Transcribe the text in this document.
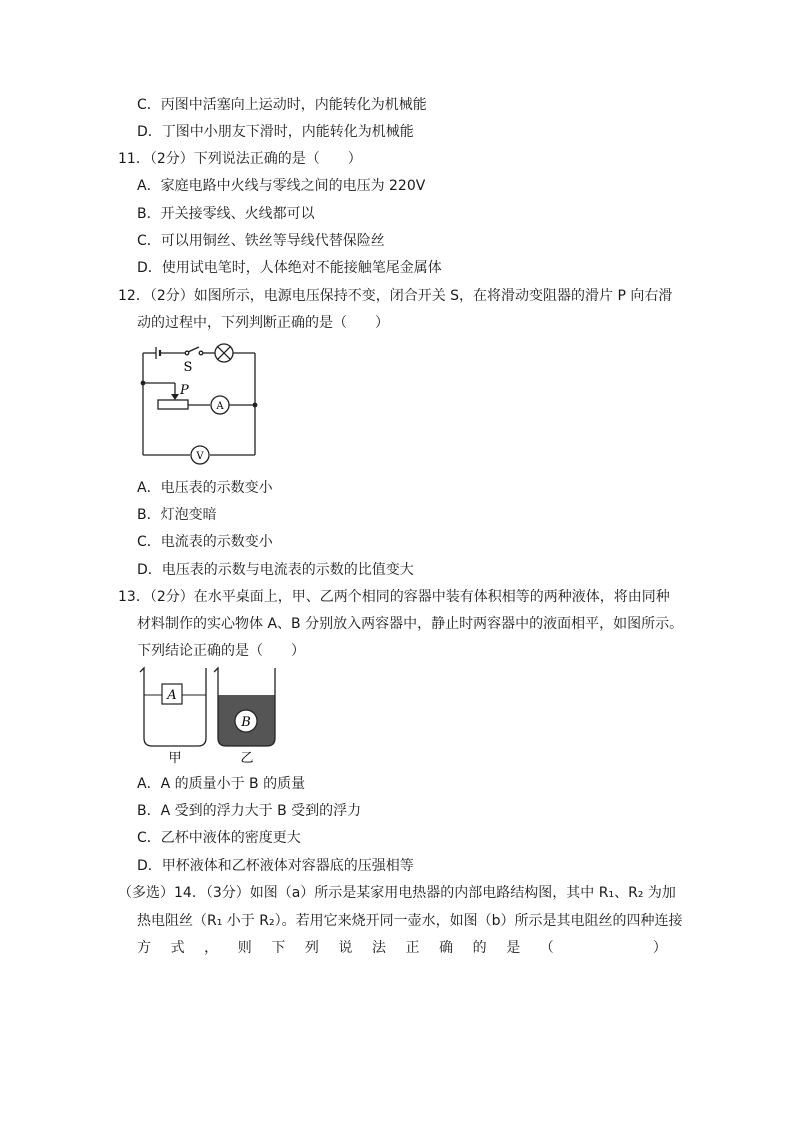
C．丙图中活塞向上运动时，内能转化为机械能
D．丁图中小朋友下滑时，内能转化为机械能
11．（2分）下列说法正确的是（　　）
A．家庭电路中火线与零线之间的电压为 220V
B．开关接零线、火线都可以
C．可以用铜丝、铁丝等导线代替保险丝
D．使用试电笔时，人体绝对不能接触笔尾金属体
12．（2分）如图所示，电源电压保持不变，闭合开关 S，在将滑动变阻器的滑片 P 向右滑
动的过程中，下列判断正确的是（　　）
S
P
A
V
A．电压表的示数变小
B．灯泡变暗
C．电流表的示数变小
D．电压表的示数与电流表的示数的比值变大
13．（2分）在水平桌面上，甲、乙两个相同的容器中装有体积相等的两种液体，将由同种
材料制作的实心物体 A、B 分别放入两容器中，静止时两容器中的液面相平，如图所示。
下列结论正确的是（　　）
A
甲
B
乙
A．A 的质量小于 B 的质量
B．A 受到的浮力大于 B 受到的浮力
C．乙杯中液体的密度更大
D．甲杯液体和乙杯液体对容器底的压强相等
（多选）14．（3分）如图（a）所示是某家用电热器的内部电路结构图，其中 R₁、R₂ 为加
热电阻丝（R₁ 小于 R₂）。若用它来烧开同一壶水，如图（b）所示是其电阻丝的四种连接
方 式 ， 则 下 列 说 法 正 确 的 是 （	）
